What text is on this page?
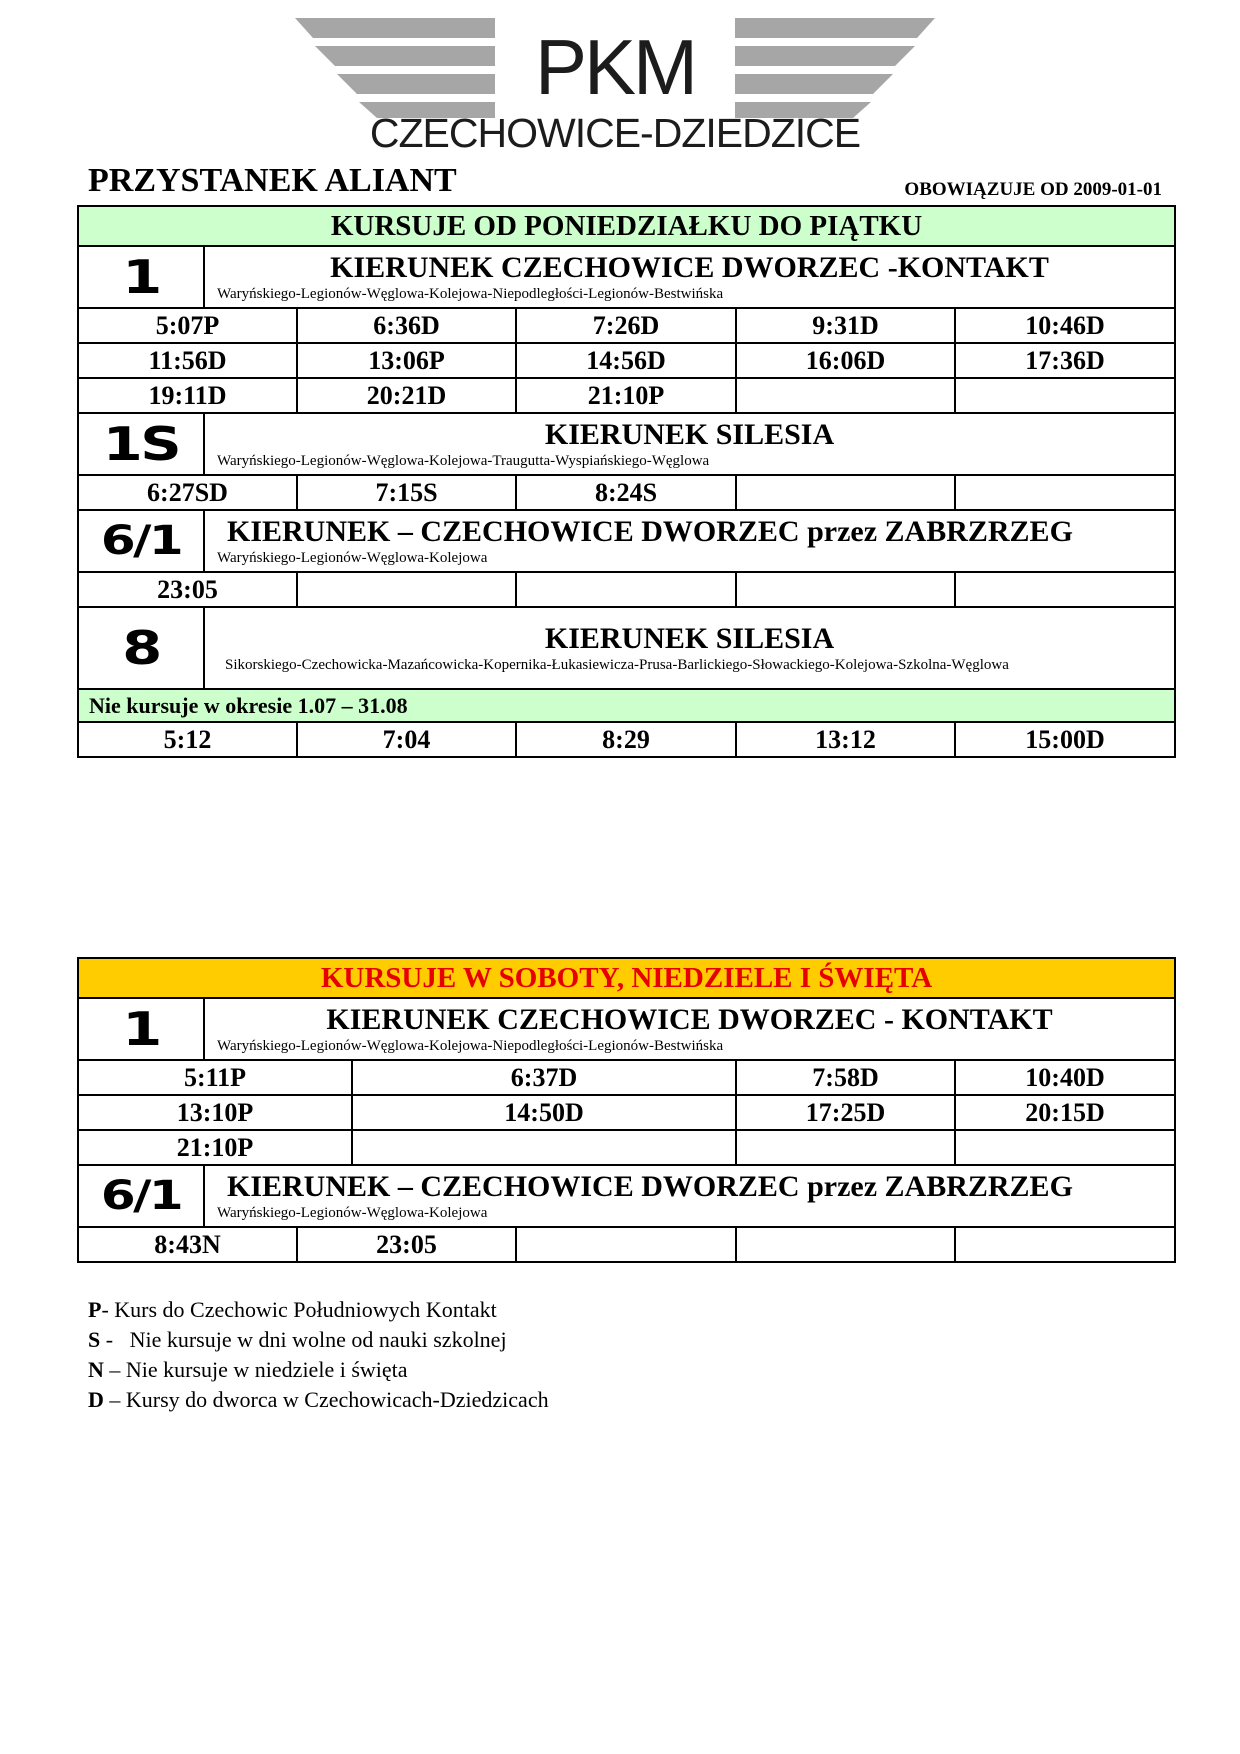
PKM
CZECHOWICE-DZIEDZICE
PRZYSTANEK ALIANT	OBOWIĄZUJE OD 2009-01-01
KURSUJE OD PONIEDZIAŁKU DO PIĄTKU					
1	KIERUNEK CZECHOWICE DWORZEC -KONTAKT
Waryńskiego-Legionów-Węglowa-Kolejowa-Niepodległości-Legionów-Bestwińska				

5:07P		6:36D	7:26D	9:31D	10:46D
11:56D		13:06P	14:56D	16:06D	17:36D
19:11D		20:21D	21:10P		
1S	KIERUNEK SILESIA
Waryńskiego-Legionów-Węglowa-Kolejowa-Traugutta-Wyspiańskiego-Węglowa				

6:27SD		7:15S	8:24S		
6/1	KIERUNEK – CZECHOWICE DWORZEC przez ZABRZRZEG
Waryńskiego-Legionów-Węglowa-Kolejowa				

23:05					
8	KIERUNEK SILESIA
Sikorskiego-Czechowicka-Mazańcowicka-Kopernika-Łukasiewicza-Prusa-Barlickiego-Słowackiego-Kolejowa-Szkolna-Węglowa				

Nie kursuje w okresie 1.07 – 31.08					
5:12		7:04	8:29	13:12	15:00D
KURSUJE W SOBOTY, NIEDZIELE I ŚWIĘTA						
1	KIERUNEK CZECHOWICE DWORZEC - KONTAKT
Waryńskiego-Legionów-Węglowa-Kolejowa-Niepodległości-Legionów-Bestwińska					

5:11P			6:37D		7:58D	10:40D
13:10P			14:50D		17:25D	20:15D
21:10P						
6/1	KIERUNEK – CZECHOWICE DWORZEC przez ZABRZRZEG
Waryńskiego-Legionów-Węglowa-Kolejowa					

8:43N		23:05				
P- Kurs do Czechowic Południowych Kontakt
S -   Nie kursuje w dni wolne od nauki szkolnej
N – Nie kursuje w niedziele i święta
D – Kursy do dworca w Czechowicach-Dziedzicach
